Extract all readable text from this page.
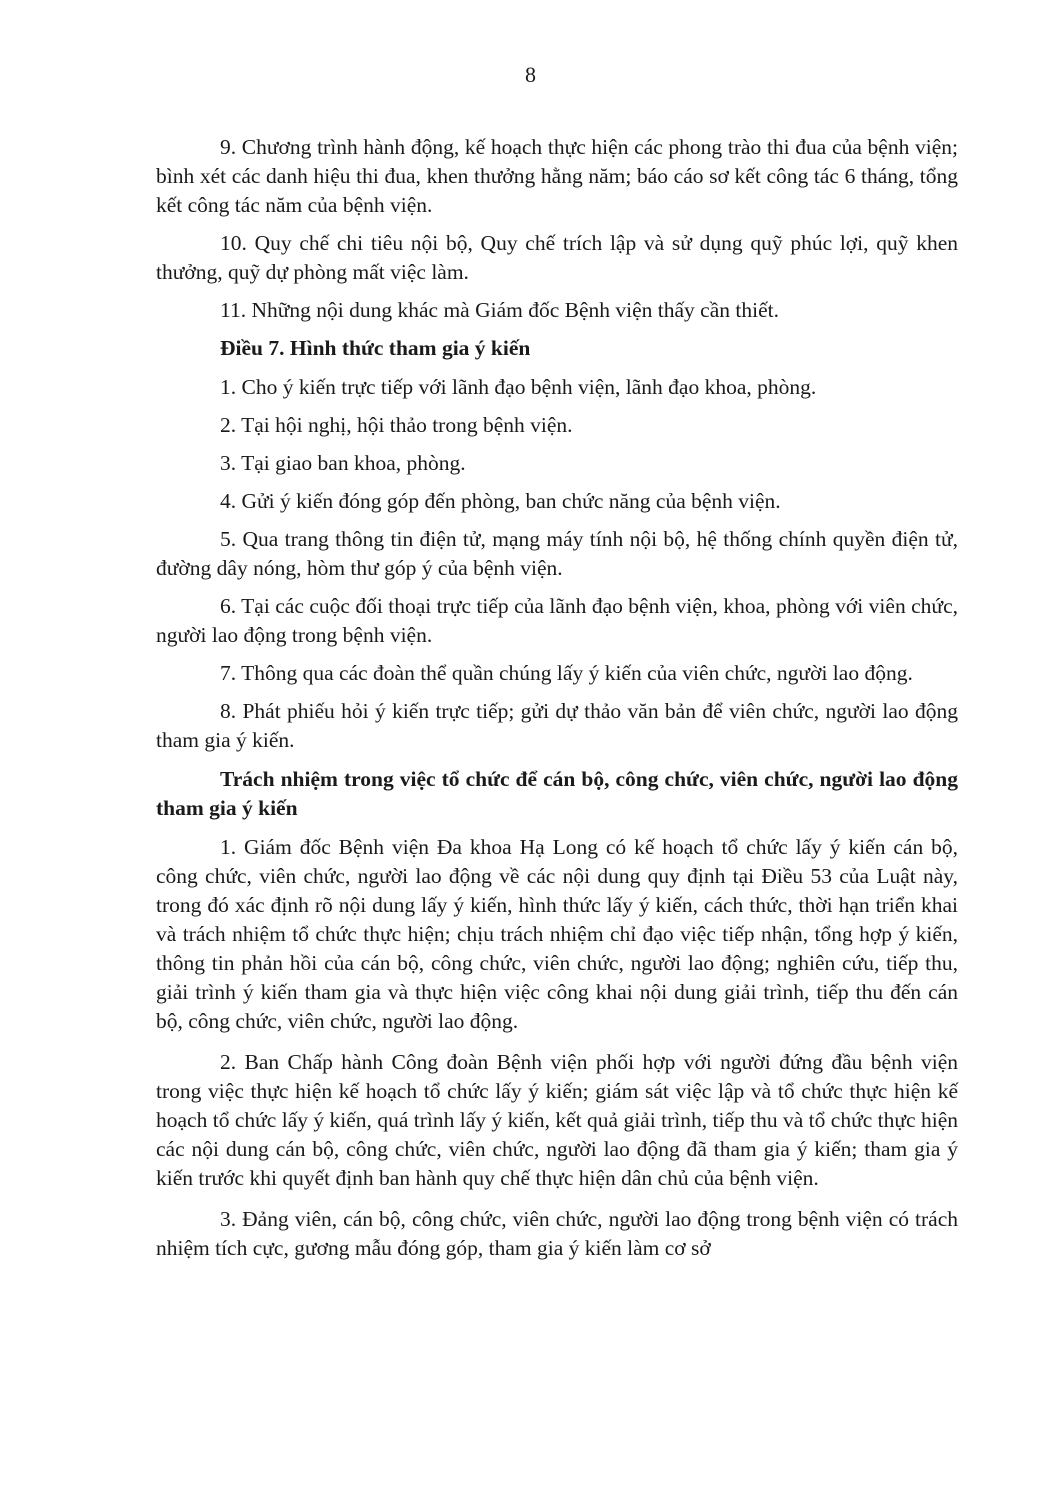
8

9. Chương trình hành động, kế hoạch thực hiện các phong trào thi đua của bệnh viện; bình xét các danh hiệu thi đua, khen thưởng hằng năm; báo cáo sơ kết công tác 6 tháng, tổng kết công tác năm của bệnh viện.

10. Quy chế chi tiêu nội bộ, Quy chế trích lập và sử dụng quỹ phúc lợi, quỹ khen thưởng, quỹ dự phòng mất việc làm.

11. Những nội dung khác mà Giám đốc Bệnh viện thấy cần thiết.

Điều 7. Hình thức tham gia ý kiến

1. Cho ý kiến trực tiếp với lãnh đạo bệnh viện, lãnh đạo khoa, phòng.

2. Tại hội nghị, hội thảo trong bệnh viện.

3. Tại giao ban khoa, phòng.

4. Gửi ý kiến đóng góp đến phòng, ban chức năng của bệnh viện.

5. Qua trang thông tin điện tử, mạng máy tính nội bộ, hệ thống chính quyền điện tử, đường dây nóng, hòm thư góp ý của bệnh viện.

6. Tại các cuộc đối thoại trực tiếp của lãnh đạo bệnh viện, khoa, phòng với viên chức, người lao động trong bệnh viện.

7. Thông qua các đoàn thể quần chúng lấy ý kiến của viên chức, người lao động.

8. Phát phiếu hỏi ý kiến trực tiếp; gửi dự thảo văn bản để viên chức, người lao động tham gia ý kiến.

Trách nhiệm trong việc tổ chức để cán bộ, công chức, viên chức, người lao động tham gia ý kiến

1. Giám đốc Bệnh viện Đa khoa Hạ Long có kế hoạch tổ chức lấy ý kiến cán bộ, công chức, viên chức, người lao động về các nội dung quy định tại Điều 53 của Luật này, trong đó xác định rõ nội dung lấy ý kiến, hình thức lấy ý kiến, cách thức, thời hạn triển khai và trách nhiệm tổ chức thực hiện; chịu trách nhiệm chỉ đạo việc tiếp nhận, tổng hợp ý kiến, thông tin phản hồi của cán bộ, công chức, viên chức, người lao động; nghiên cứu, tiếp thu, giải trình ý kiến tham gia và thực hiện việc công khai nội dung giải trình, tiếp thu đến cán bộ, công chức, viên chức, người lao động.

2. Ban Chấp hành Công đoàn Bệnh viện phối hợp với người đứng đầu bệnh viện trong việc thực hiện kế hoạch tổ chức lấy ý kiến; giám sát việc lập và tổ chức thực hiện kế hoạch tổ chức lấy ý kiến, quá trình lấy ý kiến, kết quả giải trình, tiếp thu và tổ chức thực hiện các nội dung cán bộ, công chức, viên chức, người lao động đã tham gia ý kiến; tham gia ý kiến trước khi quyết định ban hành quy chế thực hiện dân chủ của bệnh viện.

3. Đảng viên, cán bộ, công chức, viên chức, người lao động trong bệnh viện có trách nhiệm tích cực, gương mẫu đóng góp, tham gia ý kiến làm cơ sở
